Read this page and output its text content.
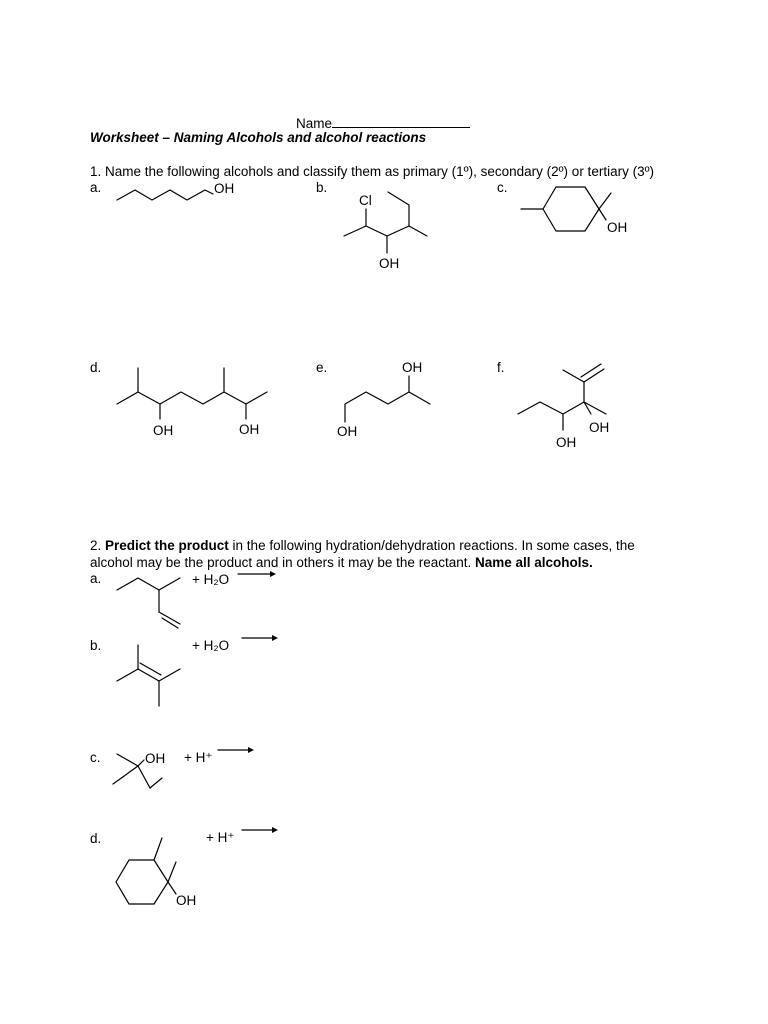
Name
Worksheet – Naming Alcohols and alcohol reactions
1. Name the following alcohols and classify them as primary (1º), secondary (2º) or tertiary (3º)
a.	b.	c.
d.	e.	f.
2. Predict the product in the following hydration/dehydration reactions. In some cases, the
alcohol may be the product and in others it may be the reactant. Name all alcohols.
a.
b.
c.
d.
+ H₂O
+ H₂O
+ H⁺
+ H⁺
OH
Cl
OH
OH
OH	OH
OH
OH	OH
OH
OH
OH
